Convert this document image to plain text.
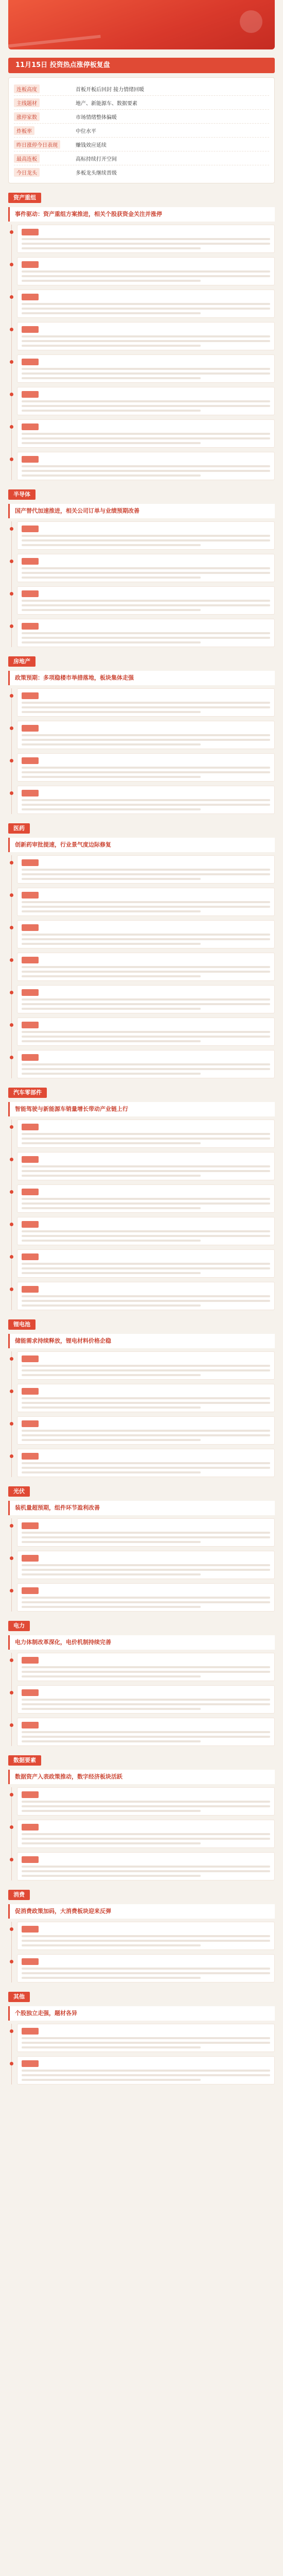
11月15日 投资热点涨停板复盘
连板高度	首板开板后回封 接力情绪回暖
主线题材	地产、新能源车、数据要素
涨停家数	市场情绪整体偏暖
炸板率	中位水平
昨日涨停今日表现	赚钱效应延续
最高连板	高标持续打开空间
今日龙头	多板龙头继续晋级
资产重组
事件驱动：资产重组方案推进，相关个股获资金关注并涨停

半导体
国产替代加速推进，相关公司订单与业绩预期改善

房地产
政策预期：多项稳楼市举措落地，板块集体走强

医药
创新药审批提速，行业景气度边际修复

汽车零部件
智能驾驶与新能源车销量增长带动产业链上行

锂电池
储能需求持续释放，锂电材料价格企稳

光伏
装机量超预期，组件环节盈利改善

电力
电力体制改革深化，电价机制持续完善

数据要素
数据资产入表政策推动，数字经济板块活跃

消费
促消费政策加码，大消费板块迎来反弹

其他
个股独立走强，题材各异
